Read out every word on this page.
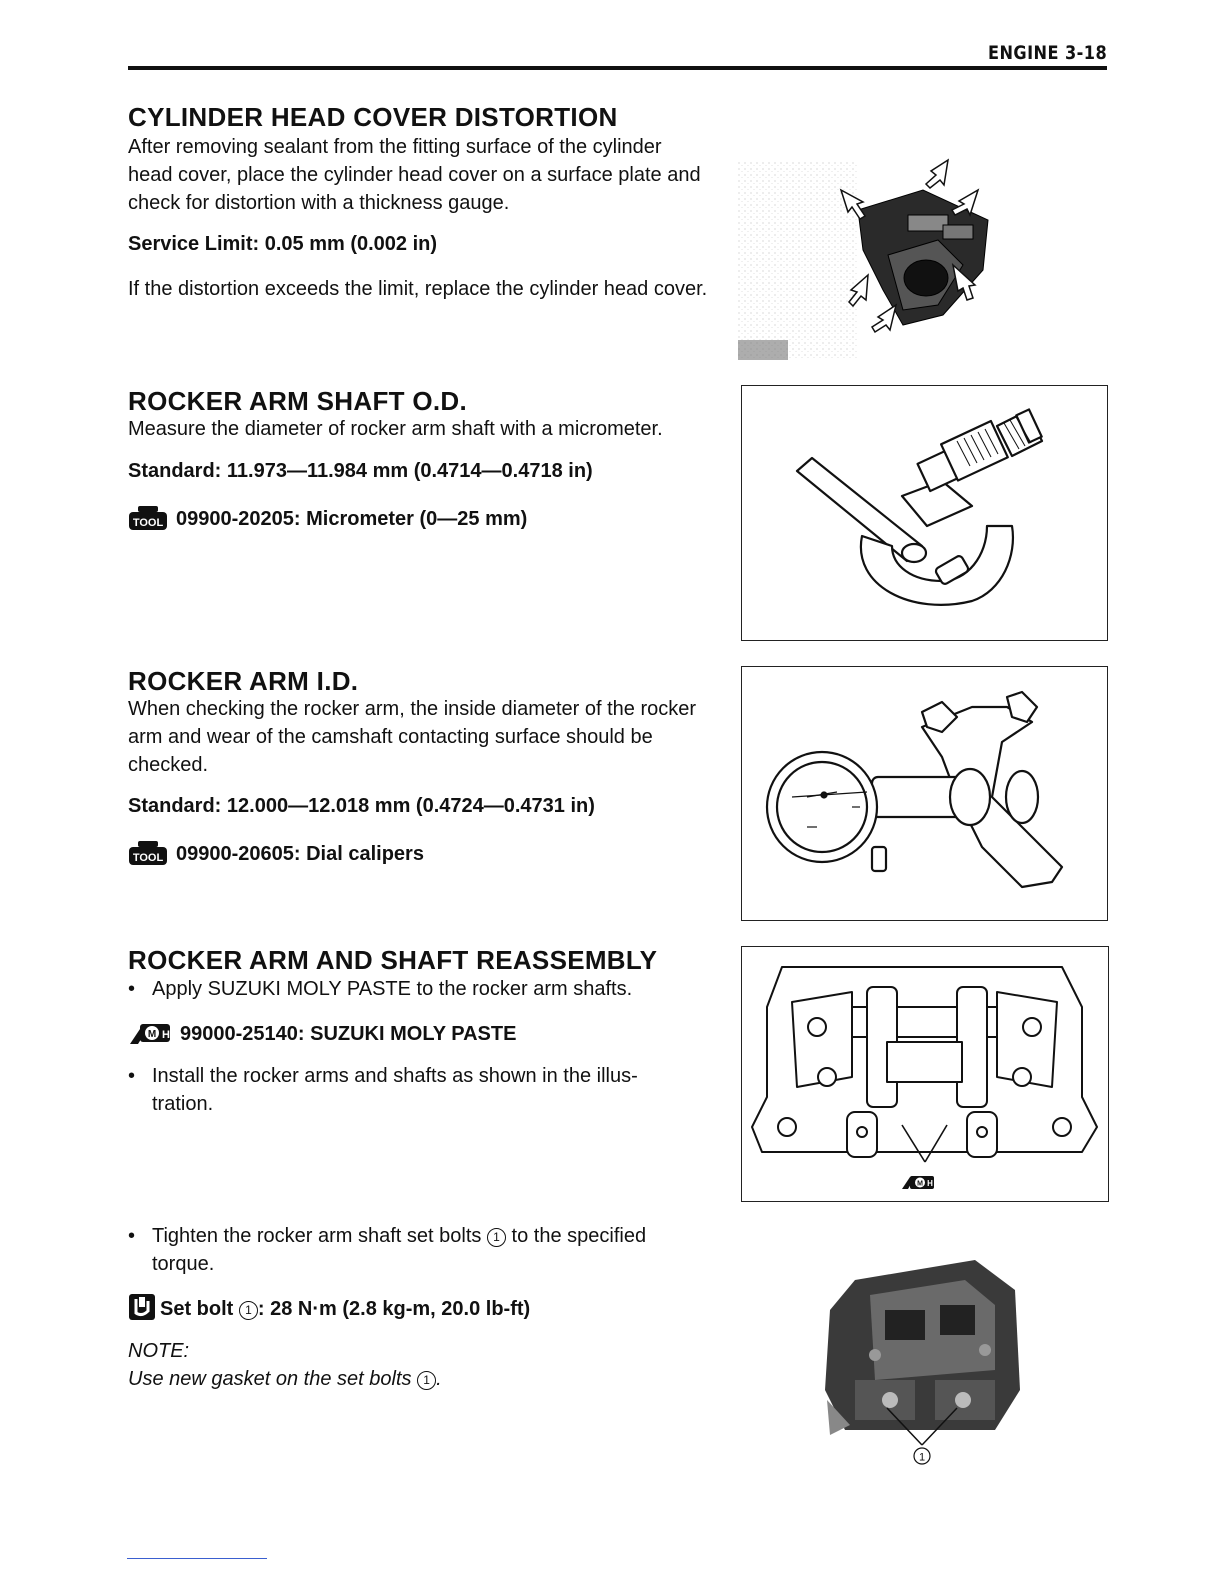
ENGINE 3-18
CYLINDER HEAD COVER DISTORTION

After removing sealant from the fitting surface of the cylinder head cover, place the cylinder head cover on a surface plate and check for distortion with a thickness gauge.

Service Limit: 0.05 mm (0.002 in)

If the distortion exceeds the limit, replace the cylinder head cover.

ROCKER ARM SHAFT O.D.

Measure the diameter of rocker arm shaft with a micrometer.

Standard: 11.973—11.984 mm (0.4714—0.4718 in)
TOOL 09900-20205: Micrometer (0—25 mm)
ROCKER ARM I.D.

When checking the rocker arm, the inside diameter of the rocker arm and wear of the camshaft contacting surface should be checked.

Standard: 12.000—12.018 mm (0.4724—0.4731 in)
TOOL 09900-20605: Dial calipers
ROCKER ARM AND SHAFT REASSEMBLY
• Apply SUZUKI MOLY PASTE to the rocker arm shafts.
M H 99000-25140: SUZUKI MOLY PASTE
• Install the rocker arms and shafts as shown in the illus-
tration.
M H
• Tighten the rocker arm shaft set bolts 1 to the specified
torque.
Set bolt 1 : 28 N·m (2.8 kg-m, 20.0 lb-ft)
NOTE:
Use new gasket on the set bolts 1 .
1
